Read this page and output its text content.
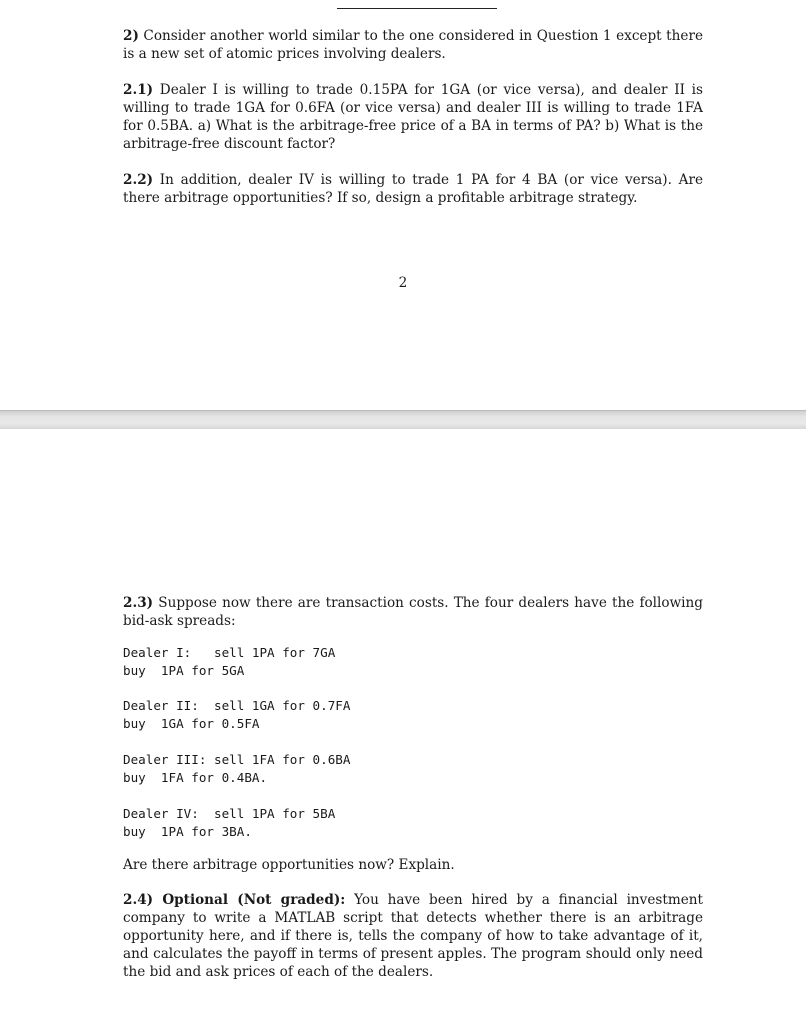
2) Consider another world similar to the one considered in Question 1 except there is a new set of atomic prices involving dealers.

2.1) Dealer I is willing to trade 0.15PA for 1GA (or vice versa), and dealer II is willing to trade 1GA for 0.6FA (or vice versa) and dealer III is willing to trade 1FA for 0.5BA. a) What is the arbitrage-free price of a BA in terms of PA? b) What is the arbitrage-free discount factor?

2.2) In addition, dealer IV is willing to trade 1 PA for 4 BA (or vice versa). Are there arbitrage opportunities? If so, design a profitable arbitrage strategy.

2

2.3) Suppose now there are transaction costs. The four dealers have the following bid-ask spreads:

Dealer I:   sell 1PA for 7GA
buy  1PA for 5GA
Dealer II:  sell 1GA for 0.7FA
buy  1GA for 0.5FA
Dealer III: sell 1FA for 0.6BA
buy  1FA for 0.4BA.
Dealer IV:  sell 1PA for 5BA
buy  1PA for 3BA.

Are there arbitrage opportunities now? Explain.

2.4) Optional (Not graded): You have been hired by a financial investment company to write a MATLAB script that detects whether there is an arbitrage opportunity here, and if there is, tells the company of how to take advantage of it, and calculates the payoff in terms of present apples. The program should only need the bid and ask prices of each of the dealers.
